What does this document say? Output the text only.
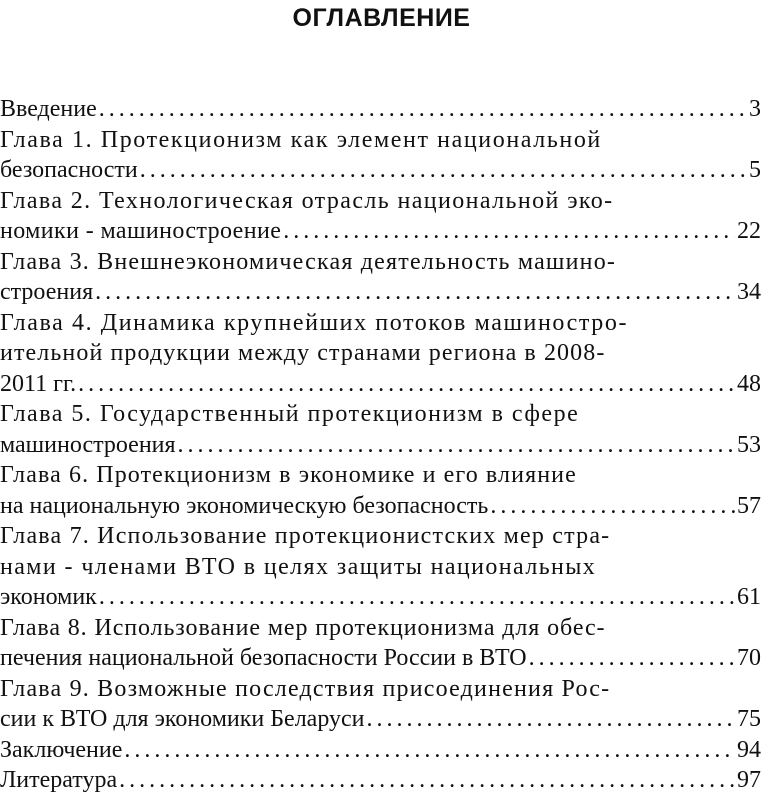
ОГЛАВЛЕНИЕ
Введение . . .	3
Глава 1. Протекционизм как элемент национальной
безопасности . . .	5
Глава 2. Технологическая отрасль национальной эко-
номики - машиностроение . . .	22
Глава 3. Внешнеэкономическая деятельность машино-
строения . . .	34
Глава 4. Динамика крупнейших потоков машиностро-
ительной продукции между странами региона в 2008-
2011 гг. . . .	48
Глава 5. Государственный протекционизм в сфере
машиностроения . . .	53
Глава 6. Протекционизм в экономике и его влияние
на национальную экономическую безопасность . . .	57
Глава 7. Использование протекционистских мер стра-
нами - членами ВТО в целях защиты национальных
экономик . . .	61
Глава 8. Использование мер протекционизма для обес-
печения национальной безопасности России в ВТО . . .	70
Глава 9. Возможные последствия присоединения Рос-
сии к ВТО для экономики Беларуси . . .	75
Заключение . . .	94
Литература . . .	97
